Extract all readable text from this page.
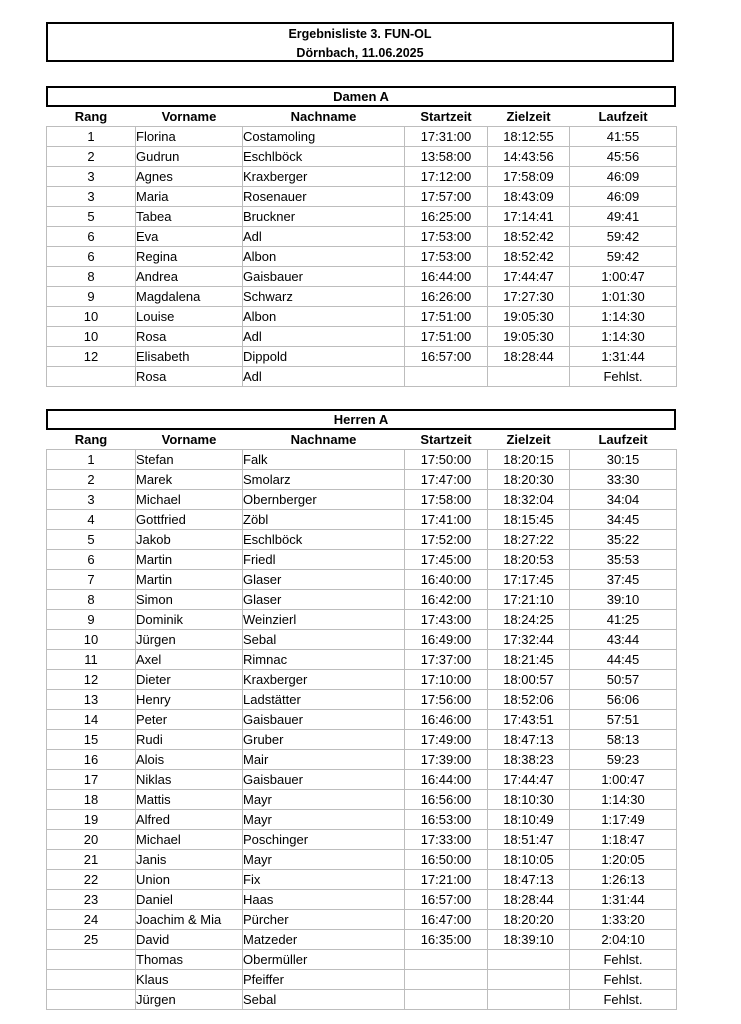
Ergebnisliste 3. FUN-OL
Dörnbach, 11.06.2025
Damen A
Rang	Vorname	Nachname	Startzeit	Zielzeit	Laufzeit
1	Florina	Costamoling	17:31:00	18:12:55	41:55
2	Gudrun	Eschlböck	13:58:00	14:43:56	45:56
3	Agnes	Kraxberger	17:12:00	17:58:09	46:09
3	Maria	Rosenauer	17:57:00	18:43:09	46:09
5	Tabea	Bruckner	16:25:00	17:14:41	49:41
6	Eva	Adl	17:53:00	18:52:42	59:42
6	Regina	Albon	17:53:00	18:52:42	59:42
8	Andrea	Gaisbauer	16:44:00	17:44:47	1:00:47
9	Magdalena	Schwarz	16:26:00	17:27:30	1:01:30
10	Louise	Albon	17:51:00	19:05:30	1:14:30
10	Rosa	Adl	17:51:00	19:05:30	1:14:30
12	Elisabeth	Dippold	16:57:00	18:28:44	1:31:44
	Rosa	Adl			Fehlst.
Herren A
Rang	Vorname	Nachname	Startzeit	Zielzeit	Laufzeit
1	Stefan	Falk	17:50:00	18:20:15	30:15
2	Marek	Smolarz	17:47:00	18:20:30	33:30
3	Michael	Obernberger	17:58:00	18:32:04	34:04
4	Gottfried	Zöbl	17:41:00	18:15:45	34:45
5	Jakob	Eschlböck	17:52:00	18:27:22	35:22
6	Martin	Friedl	17:45:00	18:20:53	35:53
7	Martin	Glaser	16:40:00	17:17:45	37:45
8	Simon	Glaser	16:42:00	17:21:10	39:10
9	Dominik	Weinzierl	17:43:00	18:24:25	41:25
10	Jürgen	Sebal	16:49:00	17:32:44	43:44
11	Axel	Rimnac	17:37:00	18:21:45	44:45
12	Dieter	Kraxberger	17:10:00	18:00:57	50:57
13	Henry	Ladstätter	17:56:00	18:52:06	56:06
14	Peter	Gaisbauer	16:46:00	17:43:51	57:51
15	Rudi	Gruber	17:49:00	18:47:13	58:13
16	Alois	Mair	17:39:00	18:38:23	59:23
17	Niklas	Gaisbauer	16:44:00	17:44:47	1:00:47
18	Mattis	Mayr	16:56:00	18:10:30	1:14:30
19	Alfred	Mayr	16:53:00	18:10:49	1:17:49
20	Michael	Poschinger	17:33:00	18:51:47	1:18:47
21	Janis	Mayr	16:50:00	18:10:05	1:20:05
22	Union	Fix	17:21:00	18:47:13	1:26:13
23	Daniel	Haas	16:57:00	18:28:44	1:31:44
24	Joachim & Mia	Pürcher	16:47:00	18:20:20	1:33:20
25	David	Matzeder	16:35:00	18:39:10	2:04:10
	Thomas	Obermüller			Fehlst.
	Klaus	Pfeiffer			Fehlst.
	Jürgen	Sebal			Fehlst.
